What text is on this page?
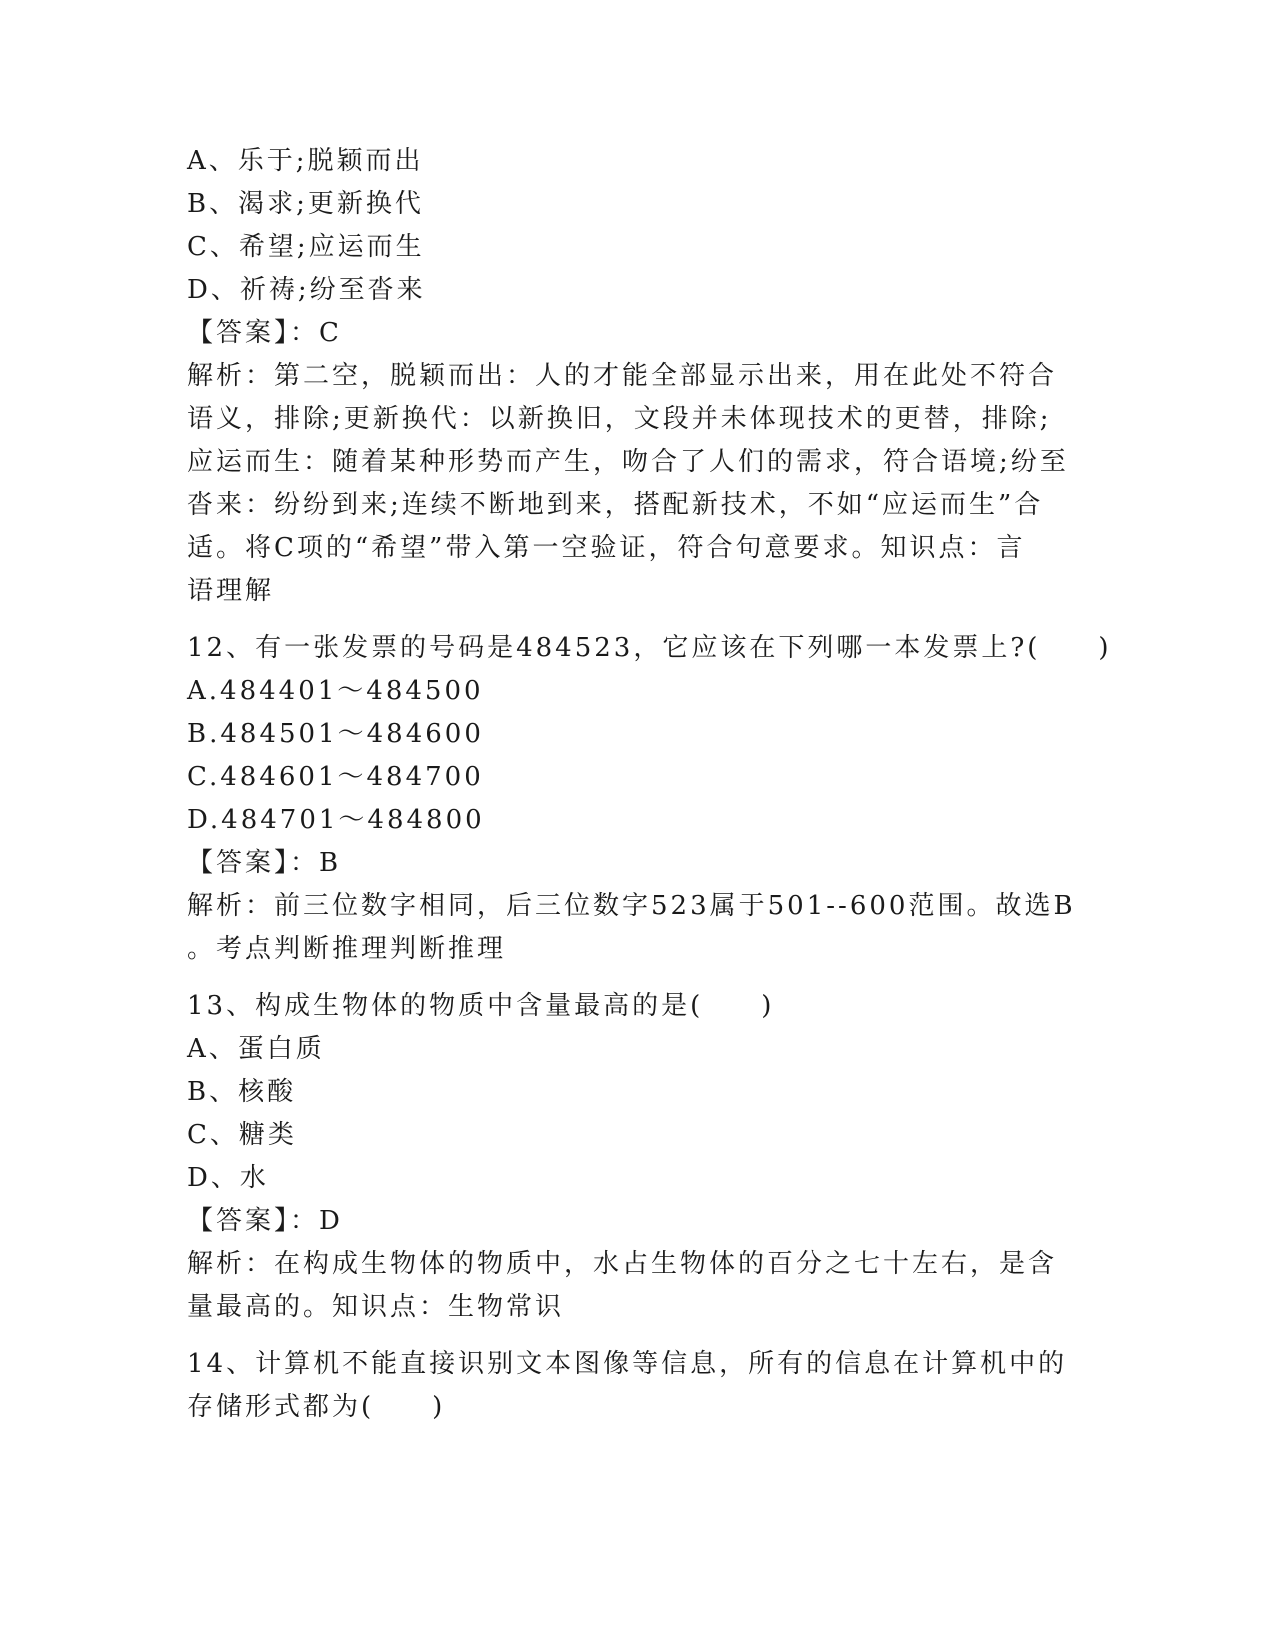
A、乐于;脱颖而出
B、渴求;更新换代
C、希望;应运而生
D、祈祷;纷至沓来
【答案】：C
解析：第二空，脱颖而出：人的才能全部显示出来，用在此处不符合
语义，排除;更新换代：以新换旧，文段并未体现技术的更替，排除;
应运而生：随着某种形势而产生，吻合了人们的需求，符合语境;纷至
沓来：纷纷到来;连续不断地到来，搭配新技术，不如“应运而生”合
适。将C项的“希望”带入第一空验证，符合句意要求。知识点：言
语理解
12、有一张发票的号码是484523，它应该在下列哪一本发票上?(　　)
A.484401～484500
B.484501～484600
C.484601～484700
D.484701～484800
【答案】：B
解析：前三位数字相同，后三位数字523属于501--600范围。故选B
。考点判断推理判断推理
13、构成生物体的物质中含量最高的是(　　)
A、蛋白质
B、核酸
C、糖类
D、水
【答案】：D
解析：在构成生物体的物质中，水占生物体的百分之七十左右，是含
量最高的。知识点：生物常识
14、计算机不能直接识别文本图像等信息，所有的信息在计算机中的
存储形式都为(　　)
